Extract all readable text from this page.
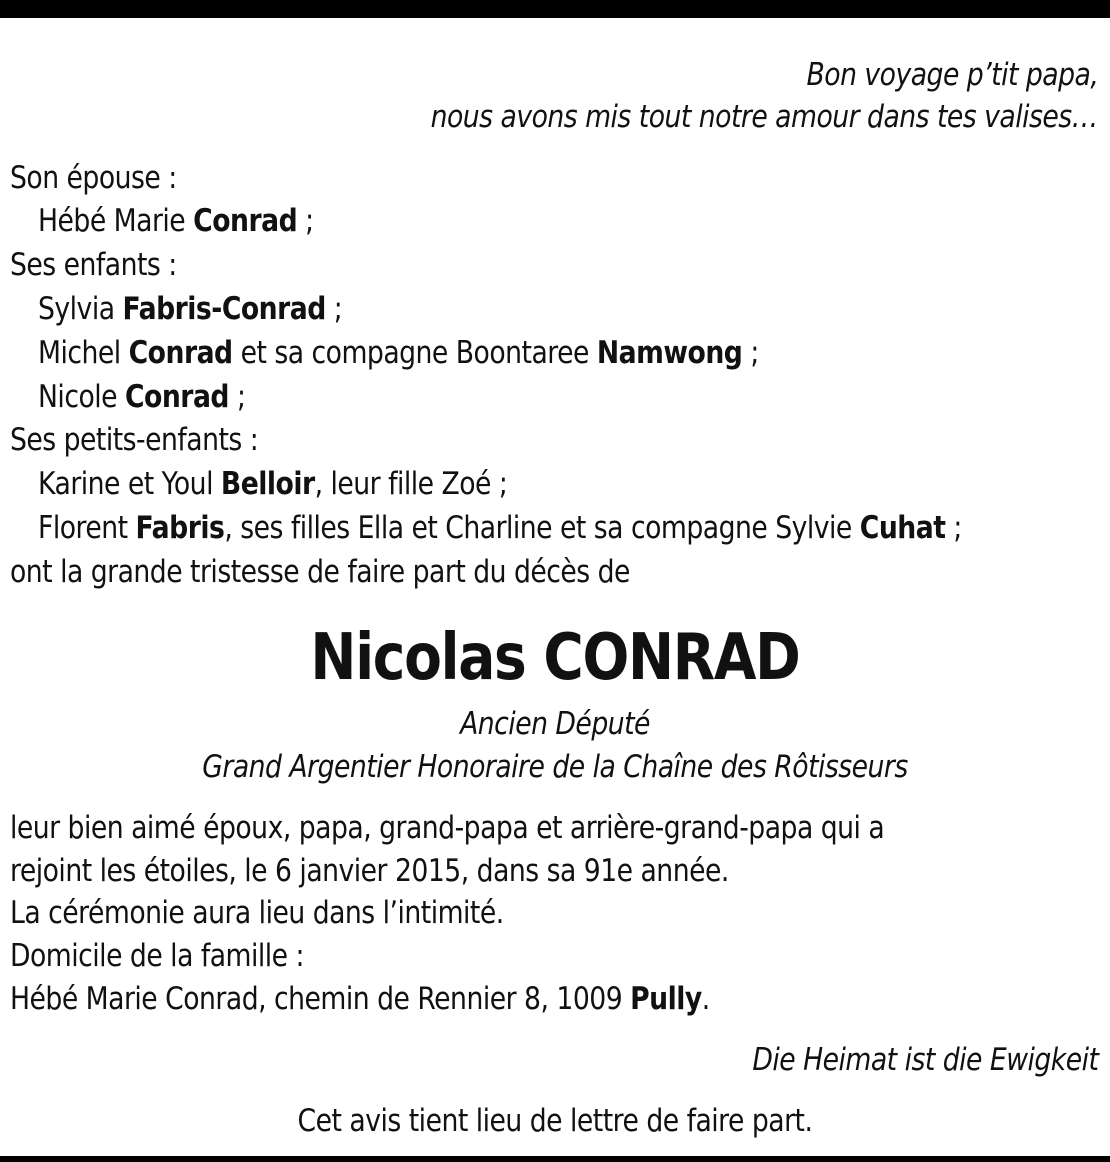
Bon voyage p’tit papa,
nous avons mis tout notre amour dans tes valises…
Son épouse :
Hébé Marie Conrad ;
Ses enfants :
Sylvia Fabris-Conrad ;
Michel Conrad et sa compagne Boontaree Namwong ;
Nicole Conrad ;
Ses petits-enfants :
Karine et Youl Belloir, leur fille Zoé ;
Florent Fabris, ses filles Ella et Charline et sa compagne Sylvie Cuhat ;
ont la grande tristesse de faire part du décès de
Nicolas CONRAD
Ancien Député
Grand Argentier Honoraire de la Chaîne des Rôtisseurs
leur bien aimé époux, papa, grand-papa et arrière-grand-papa qui a
rejoint les étoiles, le 6 janvier 2015, dans sa 91e année.
La cérémonie aura lieu dans l’intimité.
Domicile de la famille :
Hébé Marie Conrad, chemin de Rennier 8, 1009 Pully.
Die Heimat ist die Ewigkeit
Cet avis tient lieu de lettre de faire part.
